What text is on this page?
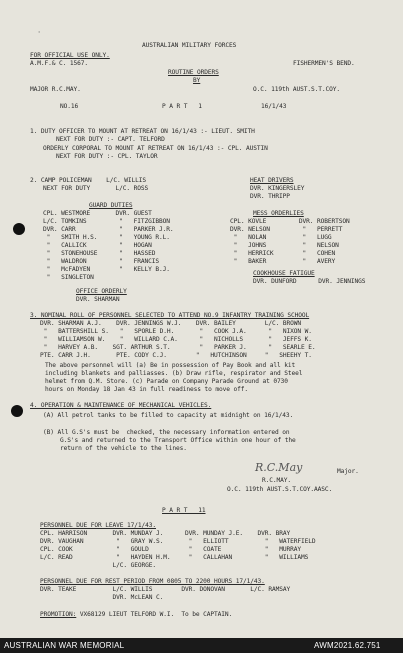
'
AUSTRALIAN MILITARY FORCES
FOR OFFICIAL USE ONLY.
A.M.F.& C. 1567.	FISHERMEN'S BEND.
ROUTINE ORDERS
BY
MAJOR R.C.MAY.	O.C. 119th AUST.S.T.COY.
NO.16	P A R T   1	16/1/43
1. DUTY OFFICER TO MOUNT AT RETREAT ON 16/1/43 :- LIEUT. SMITH
NEXT FOR DUTY :- CAPT. TELFORD
ORDERLY CORPORAL TO MOUNT AT RETREAT ON 16/1/43 :- CPL. AUSTIN
NEXT FOR DUTY :- CPL. TAYLOR
2. CAMP POLICEMAN    L/C. WILLIS
NEXT FOR DUTY       L/C. ROSS
HEAT DRIVERS
DVR. KINGERSLEY
DVR. THRIPP
GUARD DUTIES
CPL. WESTMORE       DVR. GUEST
L/C. TOMKINS         "   FITZGIBBON
DVR. CARR            "   PARKER J.R.
"   SMITH H.S.      "   YOUNG R.L.
"   CALLICK         "   HOGAN
"   STONEHOUSE      "   HASSED
"   WALDRON         "   FRANCIS
"   McFADYEN        "   KELLY B.J.
"   SINGLETON
MESS ORDERLIES
CPL. KOVLE         DVR. ROBERTSON
DVR. NELSON         "   PERRETT
"   NOLAN          "   LUGG
"   JOHNS          "   NELSON
"   HERRICK        "   COHEN
"   BAKER          "   AVERY
COOKHOUSE FATIGUE
DVR. DUNFORD      DVR. JENNINGS
OFFICE ORDERLY
DVR. SHARMAN
3. NOMINAL ROLL OF PERSONNEL SELECTED TO ATTEND NO.9 INFANTRY TRAINING SCHOOL
DVR. SHARMAN A.J.    DVR. JENNINGS W.J.    DVR. BAILEY        L/C. BROWN
"   BATTERSHILL S.   "   SPORLE D.H.       "   COOK J.A.      "   NIXON W.
"   WILLIAMSON W.    "   WILLARD C.A.      "   NICHOLLS       "   JEFFS K.
"   HARVEY A.B.    SGT. ARTHUR S.T.        "   PARKER J.      "   SEARLE E.
PTE. CARR J.H.       PTE. CODY C.J.        "   HUTCHINSON     "   SHEEHY T.
The above personnel will (a) Be in possession of Pay Book and all kit
including blankets and palliasses. (b) Draw rifle, respirator and Steel
helmet from Q.M. Store. (c) Parade on Company Parade Ground at 0730
hours on Monday 18 Jan 43 in full readiness to move off.
4. OPERATION & MAINTENANCE OF MECHANICAL VEHICLES.
(A) All petrol tanks to be filled to capacity at midnight on 16/1/43.
(B) All G.S's must be  checked, the necessary information entered on
G.S's and returned to the Transport Office within one hour of the
return of the vehicle to the lines.
R.C.May	Major.
R.C.MAY.
O.C. 119th AUST.S.T.COY.AASC.
P A R T   11
PERSONNEL DUE FOR LEAVE 17/1/43.
CPL. HARRISON       DVR. MUNDAY J.      DVR. MUNDAY J.E.    DVR. BRAY
DVR. VAUGHAN         "   GRAY W.S.       "   ELLIOTT          "   WATERFIELD
CPL. COOK            "   GOULD           "   COATE            "   MURRAY
L/C. READ            "   HAYDEN H.M.     "   CALLAHAN         "   WILLIAMS
L/C. GEORGE.
PERSONNEL DUE FOR REST PERIOD FROM 0805 TO 2200 HOURS 17/1/43.
DVR. TEAKE          L/C. WILLIS        DVR. DONOVAN       L/C. RAMSAY
DVR. McLEAN C.
PROMOTION: VX68129 LIEUT TELFORD W.I.  To be CAPTAIN.
AUSTRALIAN WAR MEMORIAL	AWM2021.62.751
